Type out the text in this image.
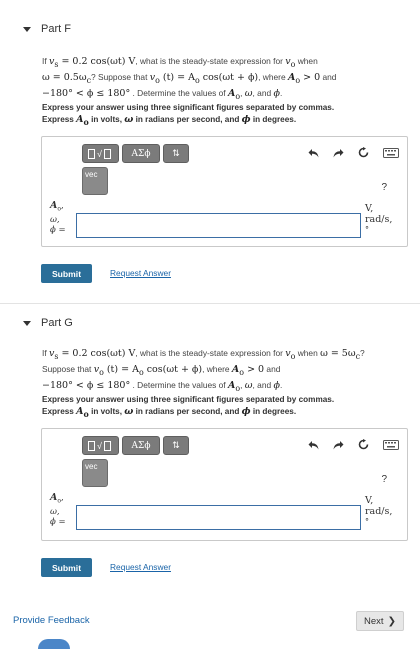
Part F
If $v_s = 0.2$ cos(ωt) V, what is the steady-state expression for $v_o$ when
$\omega = 0.5\omega_c$? Suppose that $v_o$ $(t) = A_o$ cos(ωt + ϕ), where $A_o > 0$ and
−180° < ϕ ≤ 180° . Determine the values of $A_o$, ω, and ϕ.
Express your answer using three significant figures separated by commas.
Express $A_o$ in volts, ω in radians per second, and ϕ in degrees.
√	ΑΣϕ	⇅
vec
?
$A_o$,
ω,
ϕ =
V,
rad/s,
°
Submit	Request Answer
Part G
If $v_s = 0.2$ cos(ωt) V, what is the steady-state expression for $v_o$ when $\omega = 5\omega_c$?
Suppose that $v_o$ $(t) = A_o$ cos(ωt + ϕ), where $A_o > 0$ and
−180° < ϕ ≤ 180° . Determine the values of $A_o$, ω, and ϕ.
Express your answer using three significant figures separated by commas.
Express $A_o$ in volts, ω in radians per second, and ϕ in degrees.
√	ΑΣϕ	⇅
vec
?
$A_o$,
ω,
ϕ =
V,
rad/s,
°
Submit	Request Answer
Provide Feedback	Next ❯
